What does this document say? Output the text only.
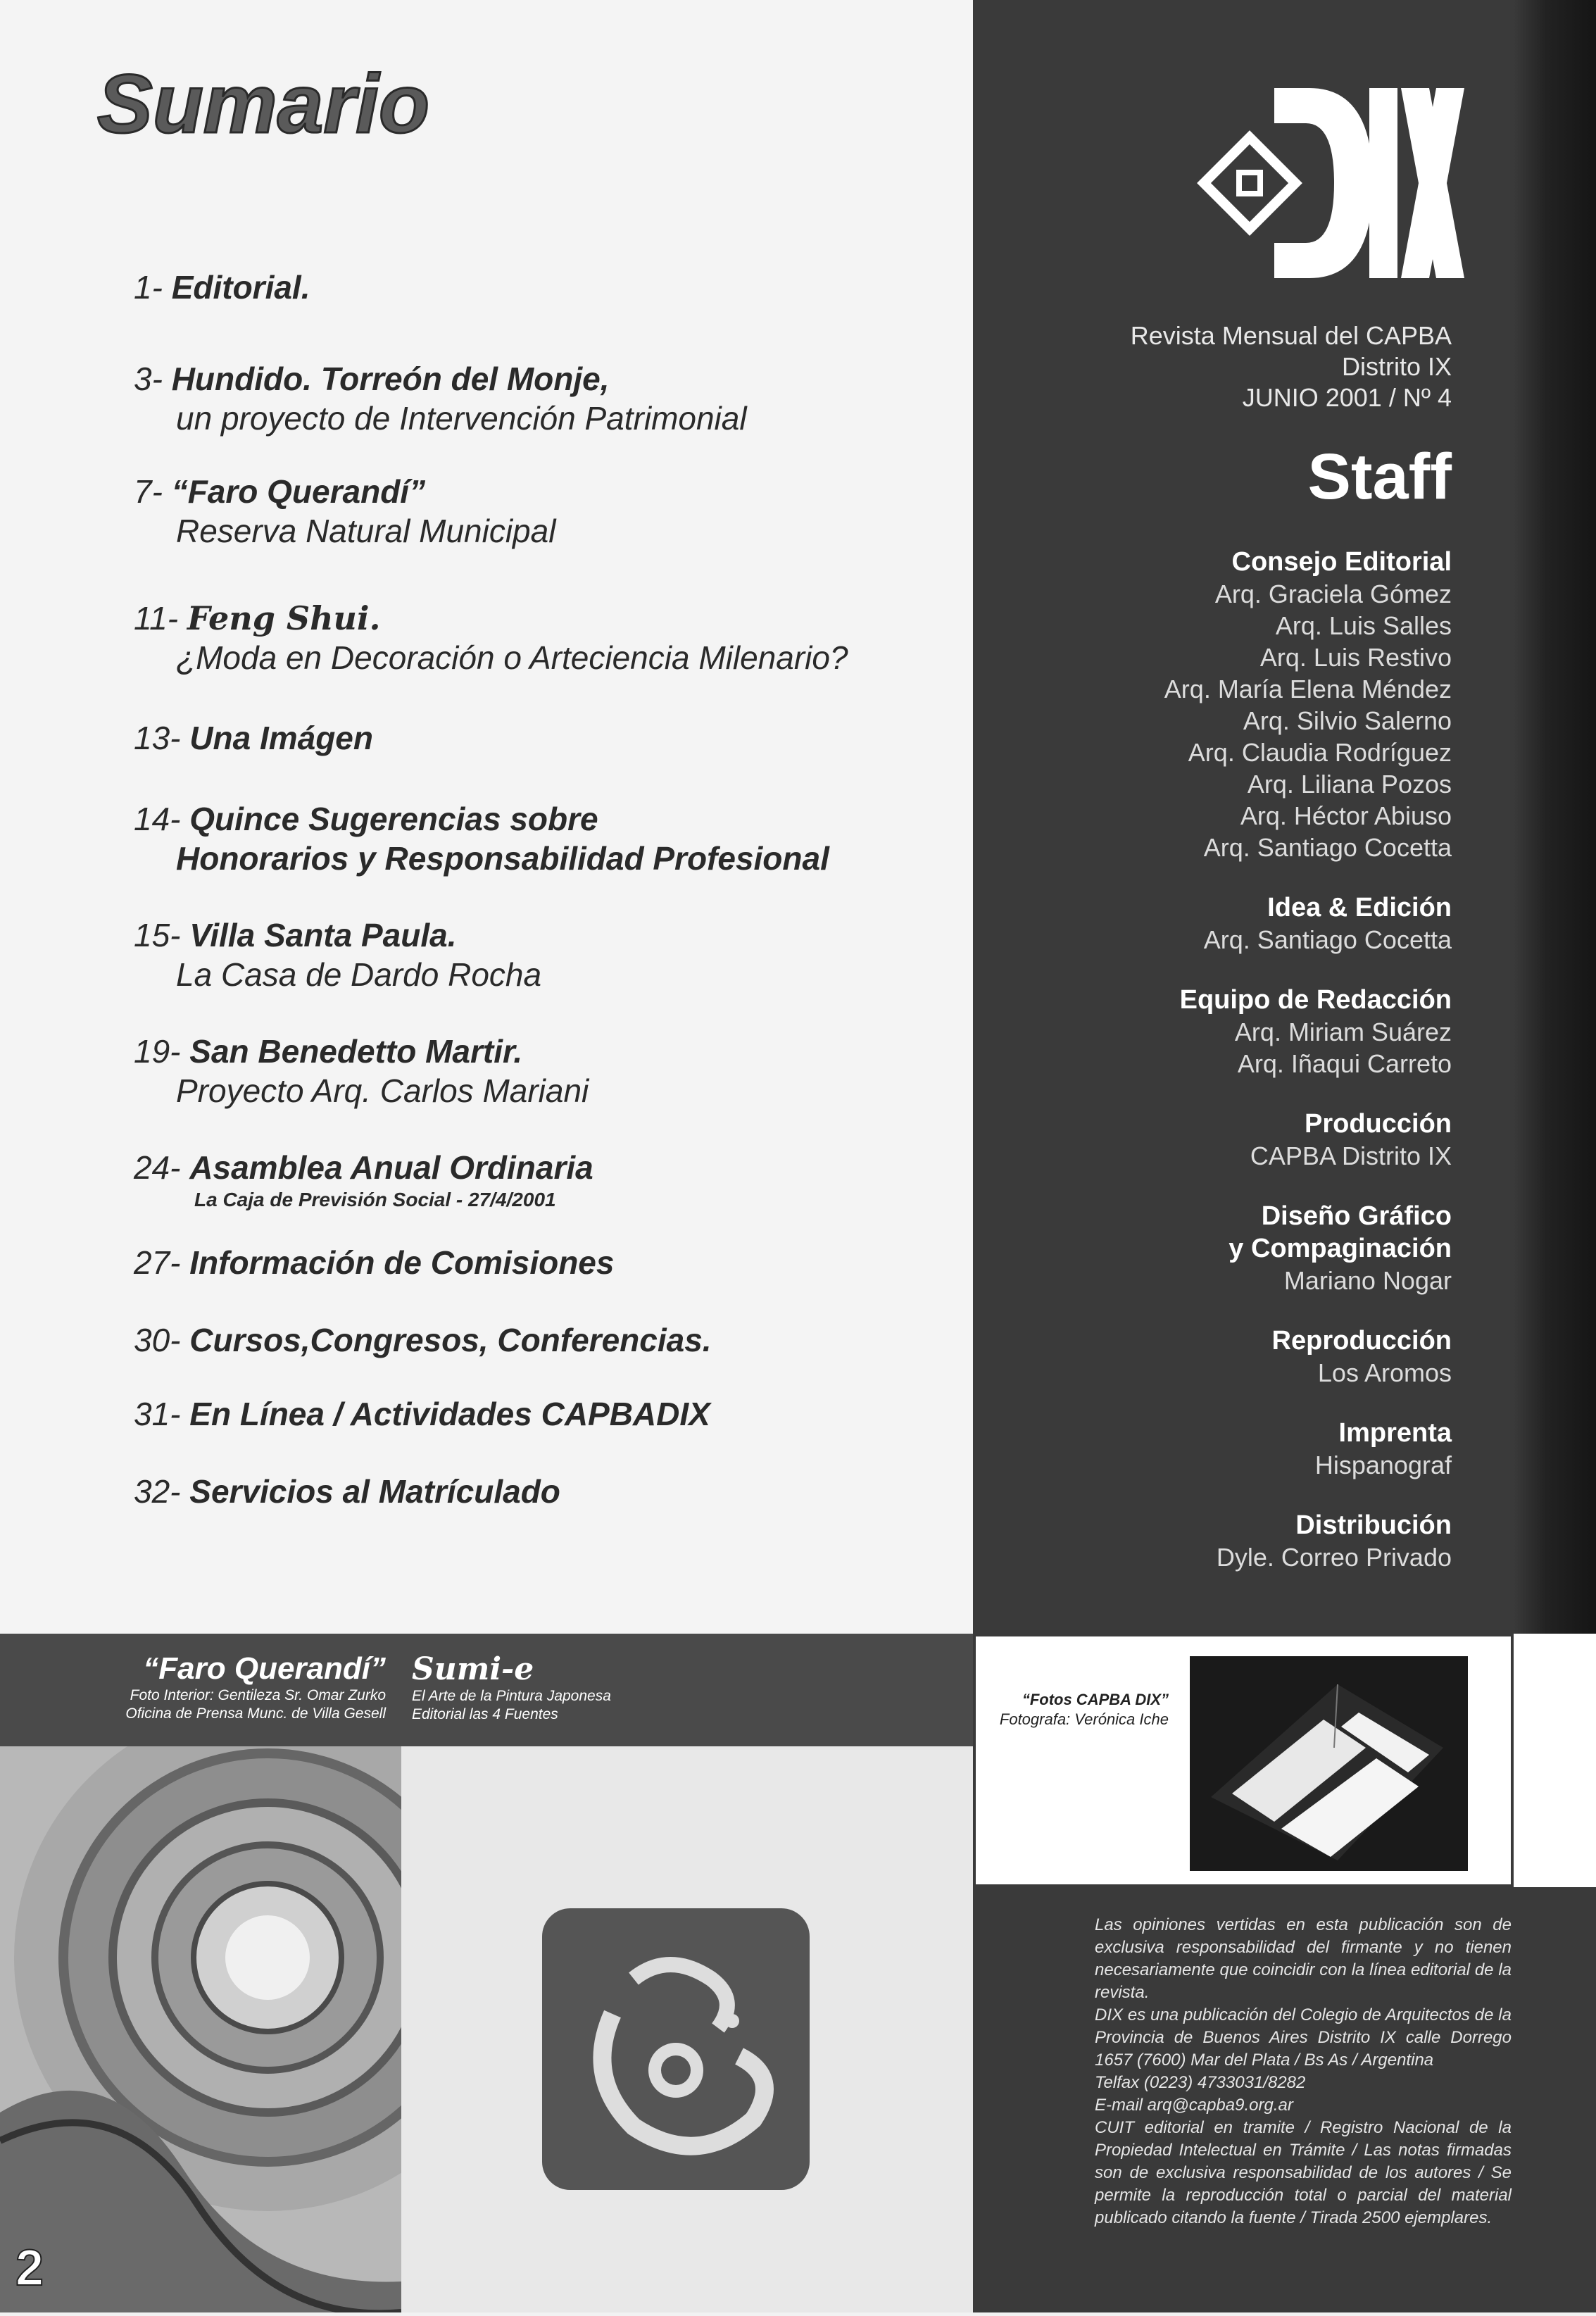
Sumario
1- Editorial.
3- Hundido. Torreón del Monje,
un proyecto de Intervención Patrimonial
7- “Faro Querandí”
Reserva Natural Municipal
11- Feng Shui.
¿Moda en Decoración o Arteciencia Milenario?
13- Una Imágen
14- Quince Sugerencias sobre
Honorarios y Responsabilidad Profesional
15- Villa Santa Paula.
La Casa de Dardo Rocha
19- San Benedetto Martir.
Proyecto Arq. Carlos Mariani
24- Asamblea Anual Ordinaria
La Caja de Previsión Social - 27/4/2001
27- Información de Comisiones
30- Cursos,Congresos, Conferencias.
31- En Línea / Actividades CAPBADIX
32- Servicios al Matrículado
Revista Mensual del CAPBA
Distrito IX
JUNIO 2001 / Nº 4
Staff
Consejo Editorial
Arq. Graciela Gómez
Arq. Luis Salles
Arq. Luis Restivo
Arq. María Elena Méndez
Arq. Silvio Salerno
Arq. Claudia Rodríguez
Arq. Liliana Pozos
Arq. Héctor Abiuso
Arq. Santiago Cocetta
Idea & Edición
Arq. Santiago Cocetta
Equipo de Redacción
Arq. Miriam Suárez
Arq. Iñaqui Carreto
Producción
CAPBA Distrito IX
Diseño Gráfico
y Compaginación
Mariano Nogar
Reproducción
Los Aromos
Imprenta
Hispanograf
Distribución
Dyle. Correo Privado
“Faro Querandí”
Foto Interior: Gentileza Sr. Omar Zurko
Oficina de Prensa Munc. de Villa Gesell
Sumi-e
El Arte de la Pintura Japonesa
Editorial las 4 Fuentes
2
“Fotos CAPBA DIX”
Fotografa: Verónica Iche

Las opiniones vertidas en esta publicación son de exclusiva responsabilidad del firmante y no tienen necesariamente que coincidir con la línea editorial de la revista.

DIX es una publicación del Colegio de Arquitectos de la Provincia de Buenos Aires Distrito IX calle Dorrego 1657 (7600) Mar del Plata / Bs As / Argentina

Telfax (0223) 4733031/8282

E-mail arq@capba9.org.ar

CUIT editorial en tramite / Registro Nacional de la Propiedad Intelectual en Trámite / Las notas firmadas son de exclusiva responsabilidad de los autores / Se permite la reproducción total o parcial del material publicado citando la fuente / Tirada 2500 ejemplares.
